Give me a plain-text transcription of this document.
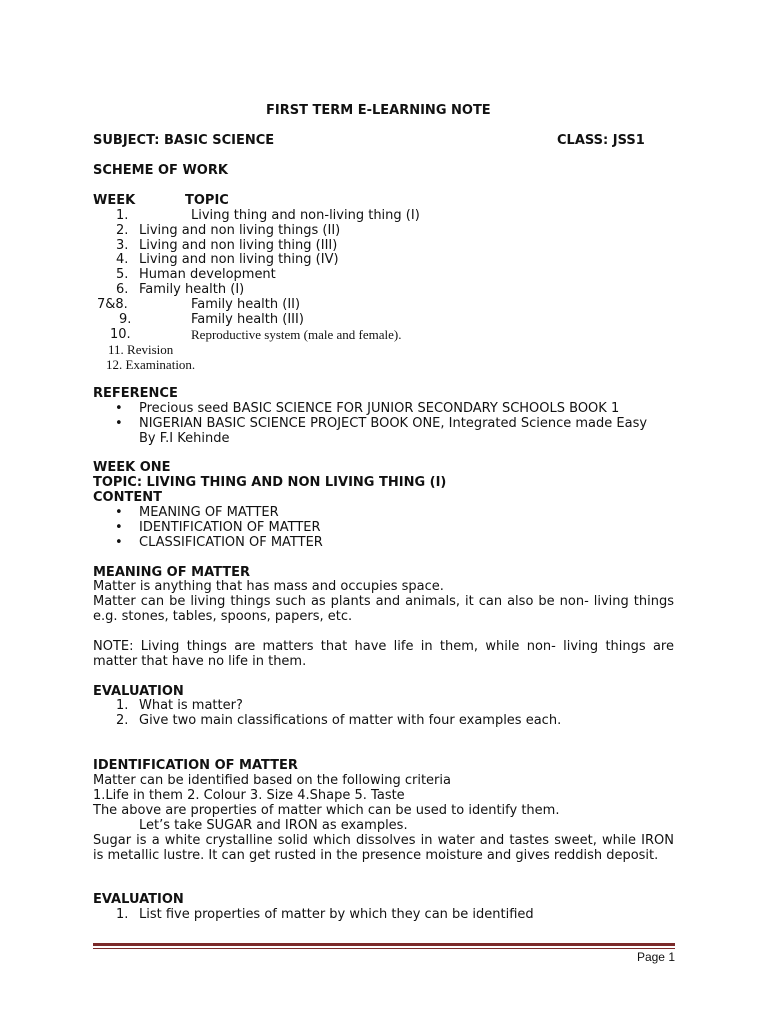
FIRST TERM E-LEARNING NOTE
SUBJECT: BASIC SCIENCE	CLASS: JSS1
SCHEME OF WORK
WEEK	TOPIC
1.	Living thing and non-living thing (I)
2. Living and non living things (II)
3. Living and non living thing (III)
4. Living and non living thing (IV)
5. Human development
6. Family health (I)
7&8.	Family health (II)
9.	Family health (III)
10.	Reproductive system (male and female).
11. Revision
12. Examination.
REFERENCE
• Precious seed BASIC SCIENCE FOR JUNIOR SECONDARY SCHOOLS BOOK 1
• NIGERIAN BASIC SCIENCE PROJECT BOOK ONE, Integrated Science made Easy
By F.I Kehinde
WEEK ONE
TOPIC: LIVING THING AND NON LIVING THING (I)
CONTENT
• MEANING OF MATTER
• IDENTIFICATION OF MATTER
• CLASSIFICATION OF MATTER
MEANING OF MATTER
Matter is anything that has mass and occupies space.
Matter can be living things such as plants and animals, it can also be non- living things e.g. stones, tables, spoons, papers, etc.
NOTE: Living things are matters that have life in them, while non- living things are matter that have no life in them.
EVALUATION
1. What is matter?
2. Give two main classifications of matter with four examples each.
IDENTIFICATION OF MATTER
Matter can be identified based on the following criteria
1.Life in them 2. Colour 3. Size 4.Shape 5. Taste
The above are properties of matter which can be used to identify them.
Let’s take SUGAR and IRON as examples.
Sugar is a white crystalline solid which dissolves in water and tastes sweet, while IRON is metallic lustre. It can get rusted in the presence moisture and gives reddish deposit.
EVALUATION
1. List five properties of matter by which they can be identified
Page 1
